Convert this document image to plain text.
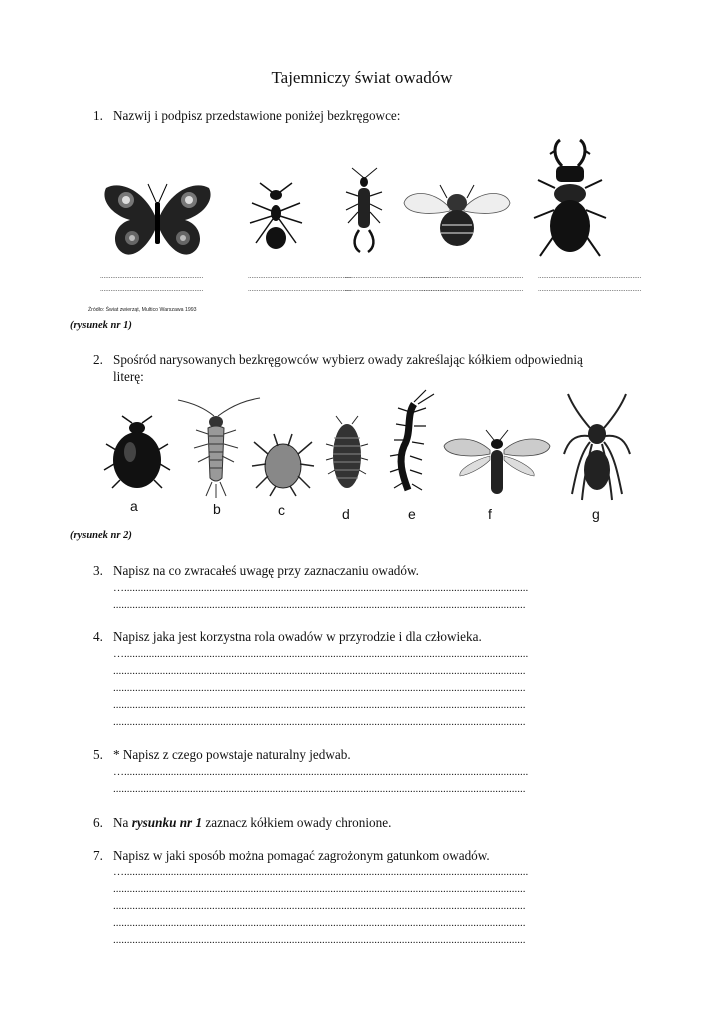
Tajemniczy świat owadów
1. Nazwij i podpisz przedstawione poniżej bezkręgowce:
...........................................................
...........................................................
...........................................................
...........................................................
...........................................................
...........................................................
...........................................................
...........................................................
...........................................................
...........................................................
Źródło: Świat zwierząt, Multico Warszawa 1993
(rysunek nr 1)
2. Spośród narysowanych bezkręgowców wybierz owady zakreślając kółkiem odpowiednią
literę:
a	b	c	d	e	f	g
(rysunek nr 2)
3. Napisz na co zwracałeś uwagę przy zaznaczaniu owadów.
…...................................................................................................................................................
......................................................................................................................................................
4. Napisz jaka jest korzystna rola owadów w przyrodzie i dla człowieka.
…...................................................................................................................................................
......................................................................................................................................................
......................................................................................................................................................
......................................................................................................................................................
......................................................................................................................................................
5. * Napisz z czego powstaje naturalny jedwab.
…...................................................................................................................................................
......................................................................................................................................................
6. Na rysunku nr 1 zaznacz kółkiem owady chronione.
7. Napisz w jaki sposób można pomagać zagrożonym gatunkom owadów.
…...................................................................................................................................................
......................................................................................................................................................
......................................................................................................................................................
......................................................................................................................................................
......................................................................................................................................................
